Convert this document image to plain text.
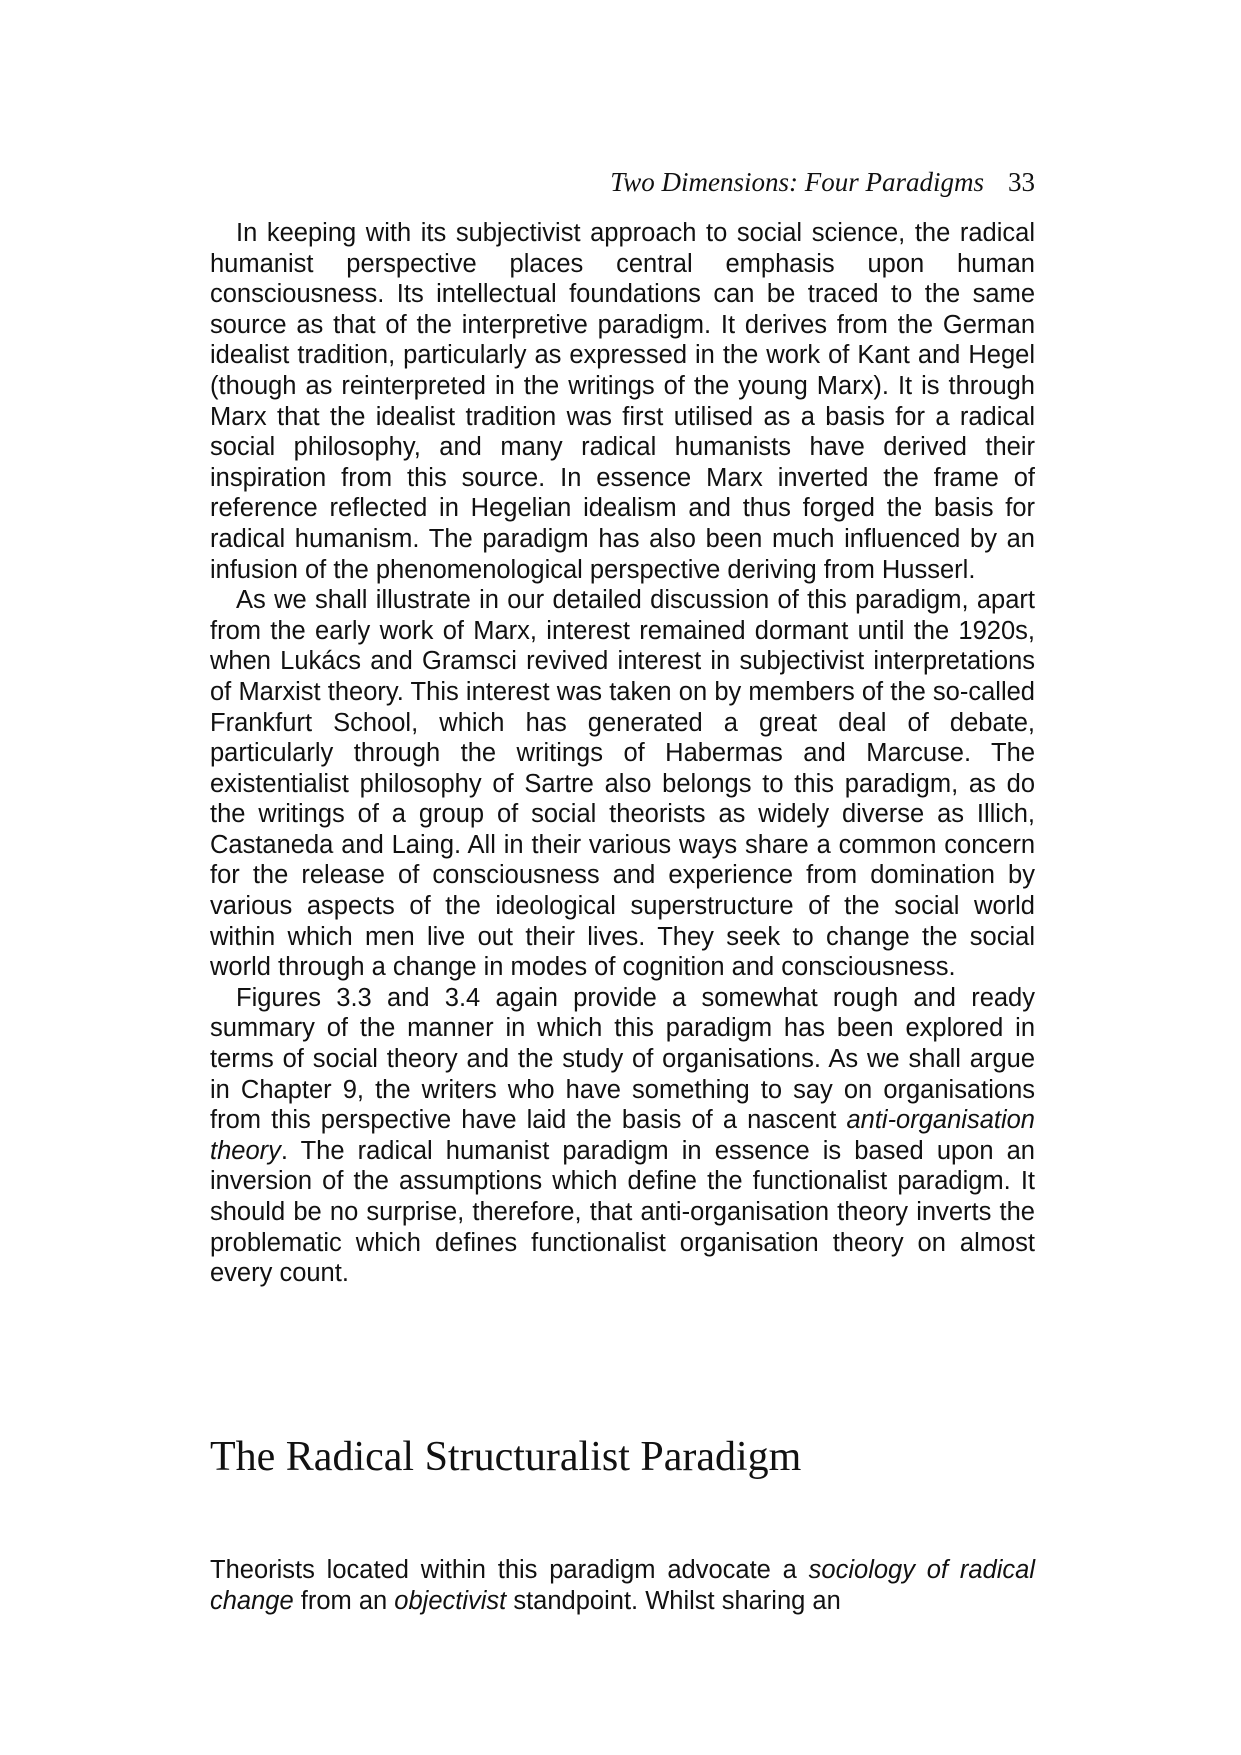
Two Dimensions: Four Paradigms 33

In keeping with its subjectivist approach to social science, the radical humanist perspective places central emphasis upon human consciousness. Its intellectual foundations can be traced to the same source as that of the interpretive paradigm. It derives from the German idealist tradition, particularly as expressed in the work of Kant and Hegel (though as reinterpreted in the writings of the young Marx). It is through Marx that the idealist tradition was first utilised as a basis for a radical social philosophy, and many radical humanists have derived their inspiration from this source. In essence Marx inverted the frame of reference reflected in Hegelian idealism and thus forged the basis for radical humanism. The paradigm has also been much influenced by an infusion of the phenomenological perspective deriving from Husserl.

As we shall illustrate in our detailed discussion of this paradigm, apart from the early work of Marx, interest remained dormant until the 1920s, when Lukács and Gramsci revived interest in subjectivist interpretations of Marxist theory. This interest was taken on by members of the so-called Frankfurt School, which has generated a great deal of debate, particularly through the writings of Habermas and Marcuse. The existentialist philosophy of Sartre also belongs to this paradigm, as do the writings of a group of social theorists as widely diverse as Illich, Castaneda and Laing. All in their various ways share a common concern for the release of consciousness and experience from domination by various aspects of the ideological superstructure of the social world within which men live out their lives. They seek to change the social world through a change in modes of cognition and consciousness.

Figures 3.3 and 3.4 again provide a somewhat rough and ready summary of the manner in which this paradigm has been explored in terms of social theory and the study of organisations. As we shall argue in Chapter 9, the writers who have something to say on organisations from this perspective have laid the basis of a nascent anti-organisation theory. The radical humanist paradigm in essence is based upon an inversion of the assumptions which define the functionalist paradigm. It should be no surprise, therefore, that anti-organisation theory inverts the problematic which defines functionalist organisation theory on almost every count.

The Radical Structuralist Paradigm

Theorists located within this paradigm advocate a sociology of radical change from an objectivist standpoint. Whilst sharing an
